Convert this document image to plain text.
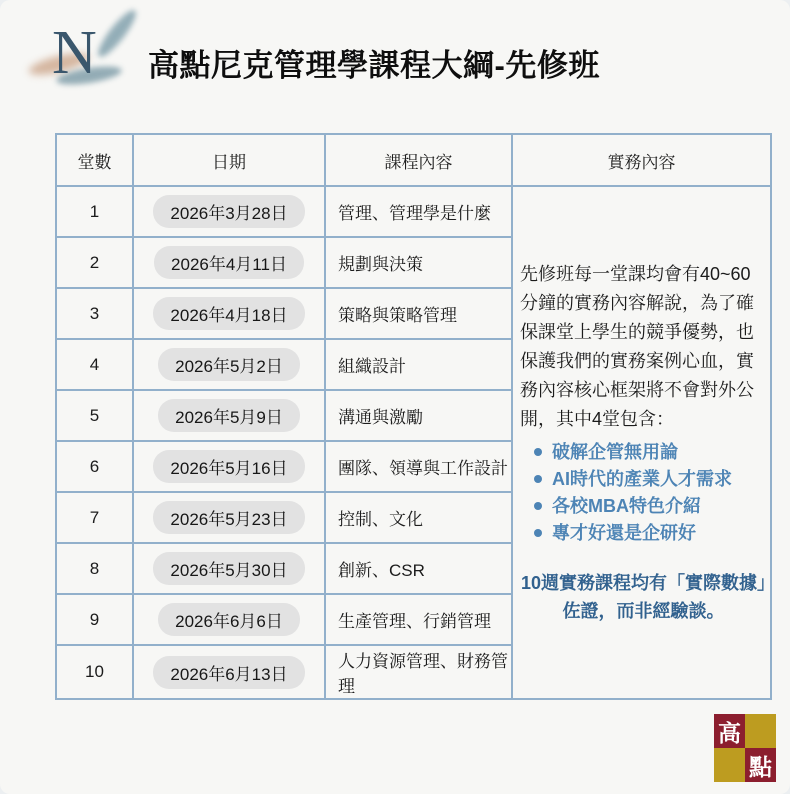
N 高點尼克管理學課程大綱-先修班
堂數	日期	課程內容	實務內容
1	2026年3月28日	管理、管理學是什麼	
先修班每一堂課均會有40~60分鐘的實務內容解說，為了確保課堂上學生的競爭優勢，也保護我們的實務案例心血，實務內容核心框架將不會對外公開，其中4堂包含：
破解企管無用論
AI時代的產業人才需求
各校MBA特色介紹
專才好還是企研好
10週實務課程均有「實際數據」佐證，而非經驗談。

2	2026年4月11日	規劃與決策	
3	2026年4月18日	策略與策略管理	
4	2026年5月2日	組織設計	
5	2026年5月9日	溝通與激勵	
6	2026年5月16日	團隊、領導與工作設計	
7	2026年5月23日	控制、文化	
8	2026年5月30日	創新、CSR	
9	2026年6月6日	生產管理、行銷管理	
10	2026年6月13日	人力資源管理、財務管理	
高
點
